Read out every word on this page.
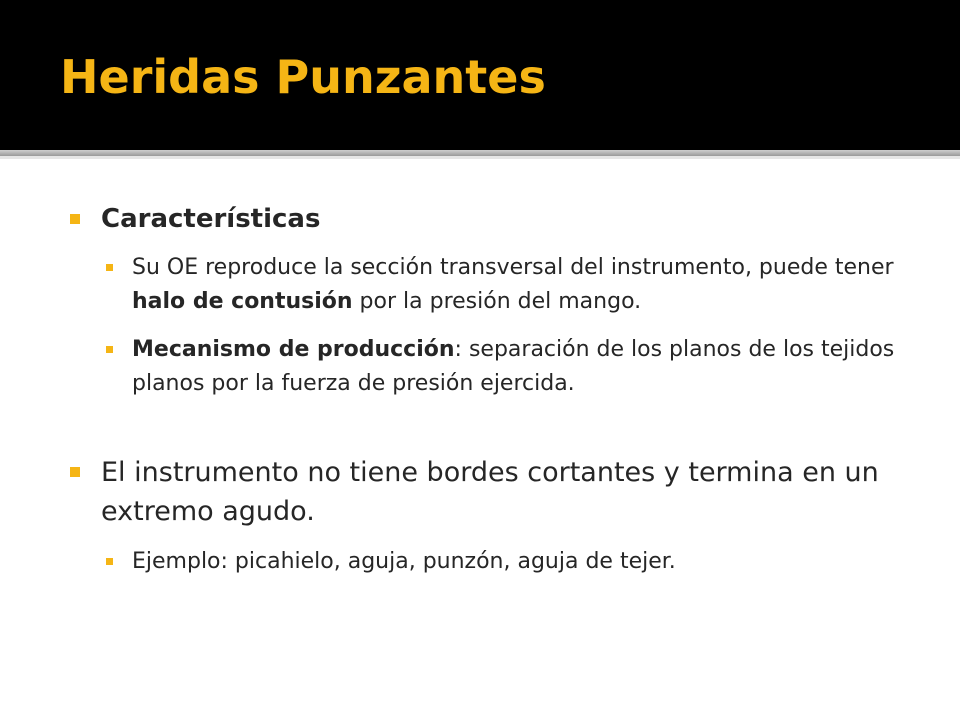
Heridas Punzantes
Características
Su OE reproduce la sección transversal del instrumento, puede tener halo de contusión por la presión del mango.
Mecanismo de producción: separación de los planos de los tejidos planos por la fuerza de presión ejercida.
El instrumento no tiene bordes cortantes y termina en un extremo agudo.
Ejemplo: picahielo, aguja, punzón, aguja de tejer.
